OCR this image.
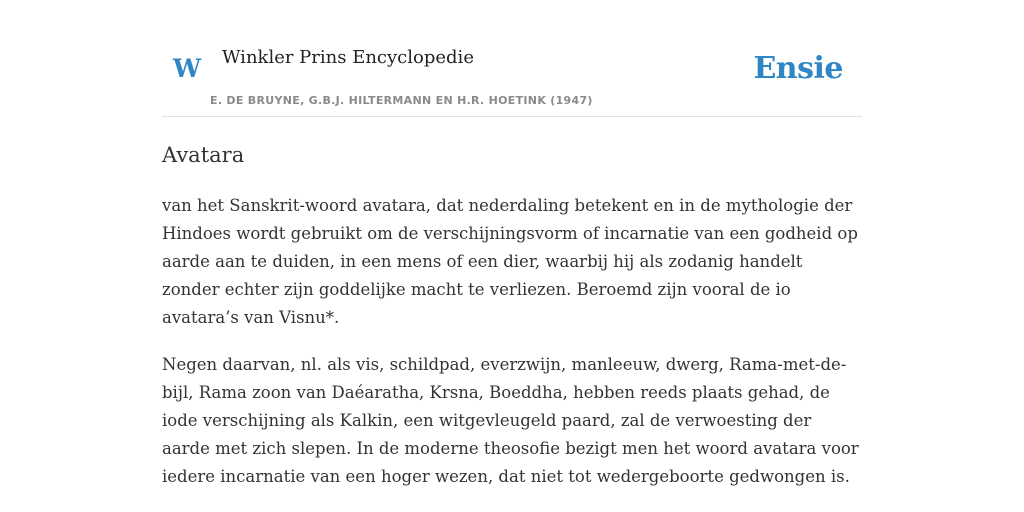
W Winkler Prins Encyclopedie
E. DE BRUYNE, G.B.J. HILTERMANN EN H.R. HOETINK (1947)
Ensie
Avatara

van het Sanskrit-woord avatara, dat nederdaling betekent en in de mythologie der Hindoes wordt gebruikt om de verschijningsvorm of incarnatie van een godheid op aarde aan te duiden, in een mens of een dier, waarbij hij als zodanig handelt zonder echter zijn goddelijke macht te verliezen. Beroemd zijn vooral de io avatara’s van Visnu*.

Negen daarvan, nl. als vis, schildpad, everzwijn, manleeuw, dwerg, Rama-met-de-bijl, Rama zoon van Daéaratha, Krsna, Boeddha, hebben reeds plaats gehad, de iode verschijning als Kalkin, een witgevleugeld paard, zal de verwoesting der aarde met zich slepen. In de moderne theosofie bezigt men het woord avatara voor iedere incarnatie van een hoger wezen, dat niet tot wedergeboorte gedwongen is.
